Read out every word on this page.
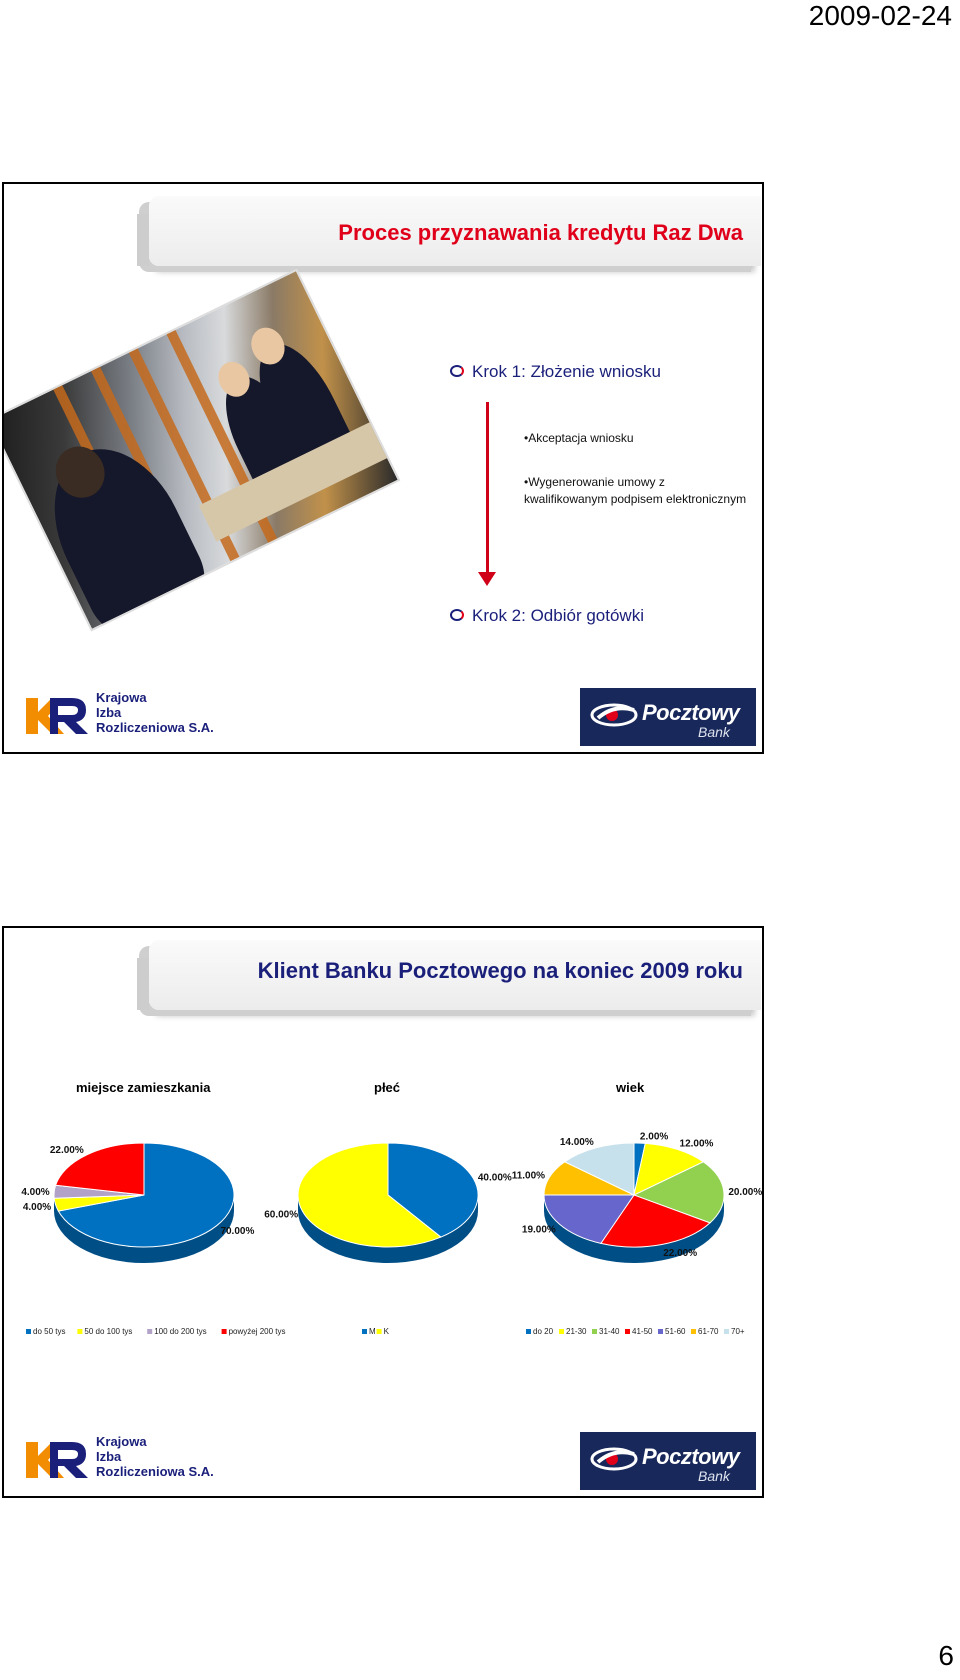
2009-02-24
Proces przyznawania kredytu Raz Dwa
Krok 1: Złożenie wniosku
•Akceptacja wniosku
•Wygenerowanie umowy z
kwalifikowanym podpisem elektronicznym
Krok 2: Odbiór gotówki
Krajowa
Izba
Rozliczeniowa S.A.
Pocztowy
Bank
Klient Banku Pocztowego na koniec 2009 roku
miejsce zamieszkania
70.00%
4.00%
4.00%
22.00%
do 50 tys 50 do 100 tys	100 do 200 tys	powyżej 200 tys
płeć
40.00%
60.00%
M K
wiek
2.00%
12.00%
20.00%
22.00%
19.00%
11.00%
14.00%
do 20 21-30 31-40 41-50 51-60 61-70 70+
Krajowa
Izba
Rozliczeniowa S.A.
Pocztowy
Bank
6
